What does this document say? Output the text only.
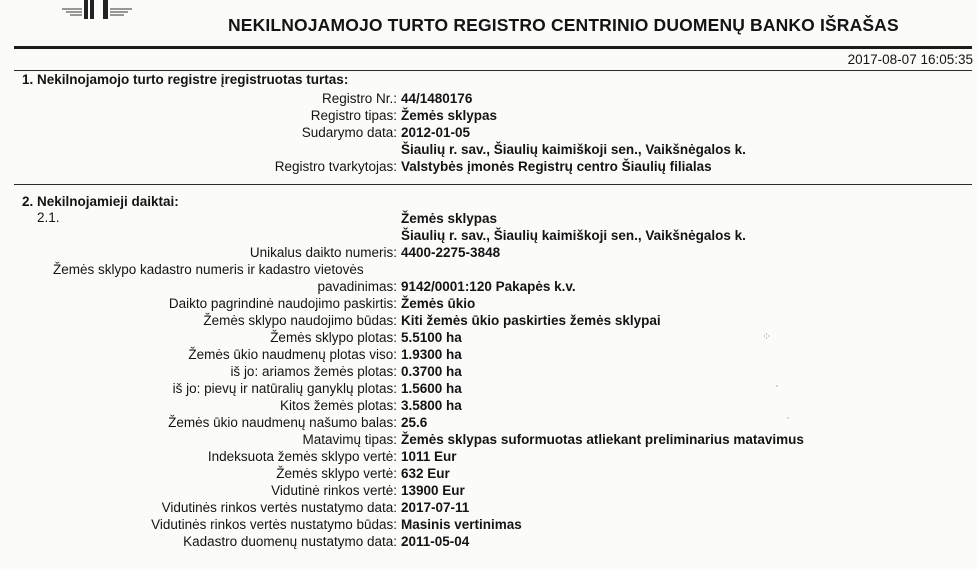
NEKILNOJAMOJO TURTO REGISTRO CENTRINIO DUOMENŲ BANKO IŠRAŠAS
2017-08-07 16:05:35
1. Nekilnojamojo turto registre įregistruotas turtas:
Registro Nr.: 44/1480176
Registro tipas: Žemės sklypas
Sudarymo data: 2012-01-05
Šiaulių r. sav., Šiaulių kaimiškoji sen., Vaikšnėgalos k.
Registro tvarkytojas: Valstybės įmonės Registrų centro Šiaulių filialas
2. Nekilnojamieji daiktai:
2.1.	Žemės sklypas
Šiaulių r. sav., Šiaulių kaimiškoji sen., Vaikšnėgalos k.
Unikalus daikto numeris: 4400-2275-3848
Žemės sklypo kadastro numeris ir kadastro vietovės
pavadinimas: 9142/0001:120 Pakapės k.v.
Daikto pagrindinė naudojimo paskirtis: Žemės ūkio
Žemės sklypo naudojimo būdas: Kiti žemės ūkio paskirties žemės sklypai
Žemės sklypo plotas: 5.5100 ha
Žemės ūkio naudmenų plotas viso: 1.9300 ha
iš jo: ariamos žemės plotas: 0.3700 ha
iš jo: pievų ir natūralių ganyklų plotas: 1.5600 ha
Kitos žemės plotas: 3.5800 ha
Žemės ūkio naudmenų našumo balas: 25.6
Matavimų tipas: Žemės sklypas suformuotas atliekant preliminarius matavimus
Indeksuota žemės sklypo vertė: 1011 Eur
Žemės sklypo vertė: 632 Eur
Vidutinė rinkos vertė: 13900 Eur
Vidutinės rinkos vertės nustatymo data: 2017-07-11
Vidutinės rinkos vertės nustatymo būdas: Masinis vertinimas
Kadastro duomenų nustatymo data: 2011-05-04
⁘
·
·
